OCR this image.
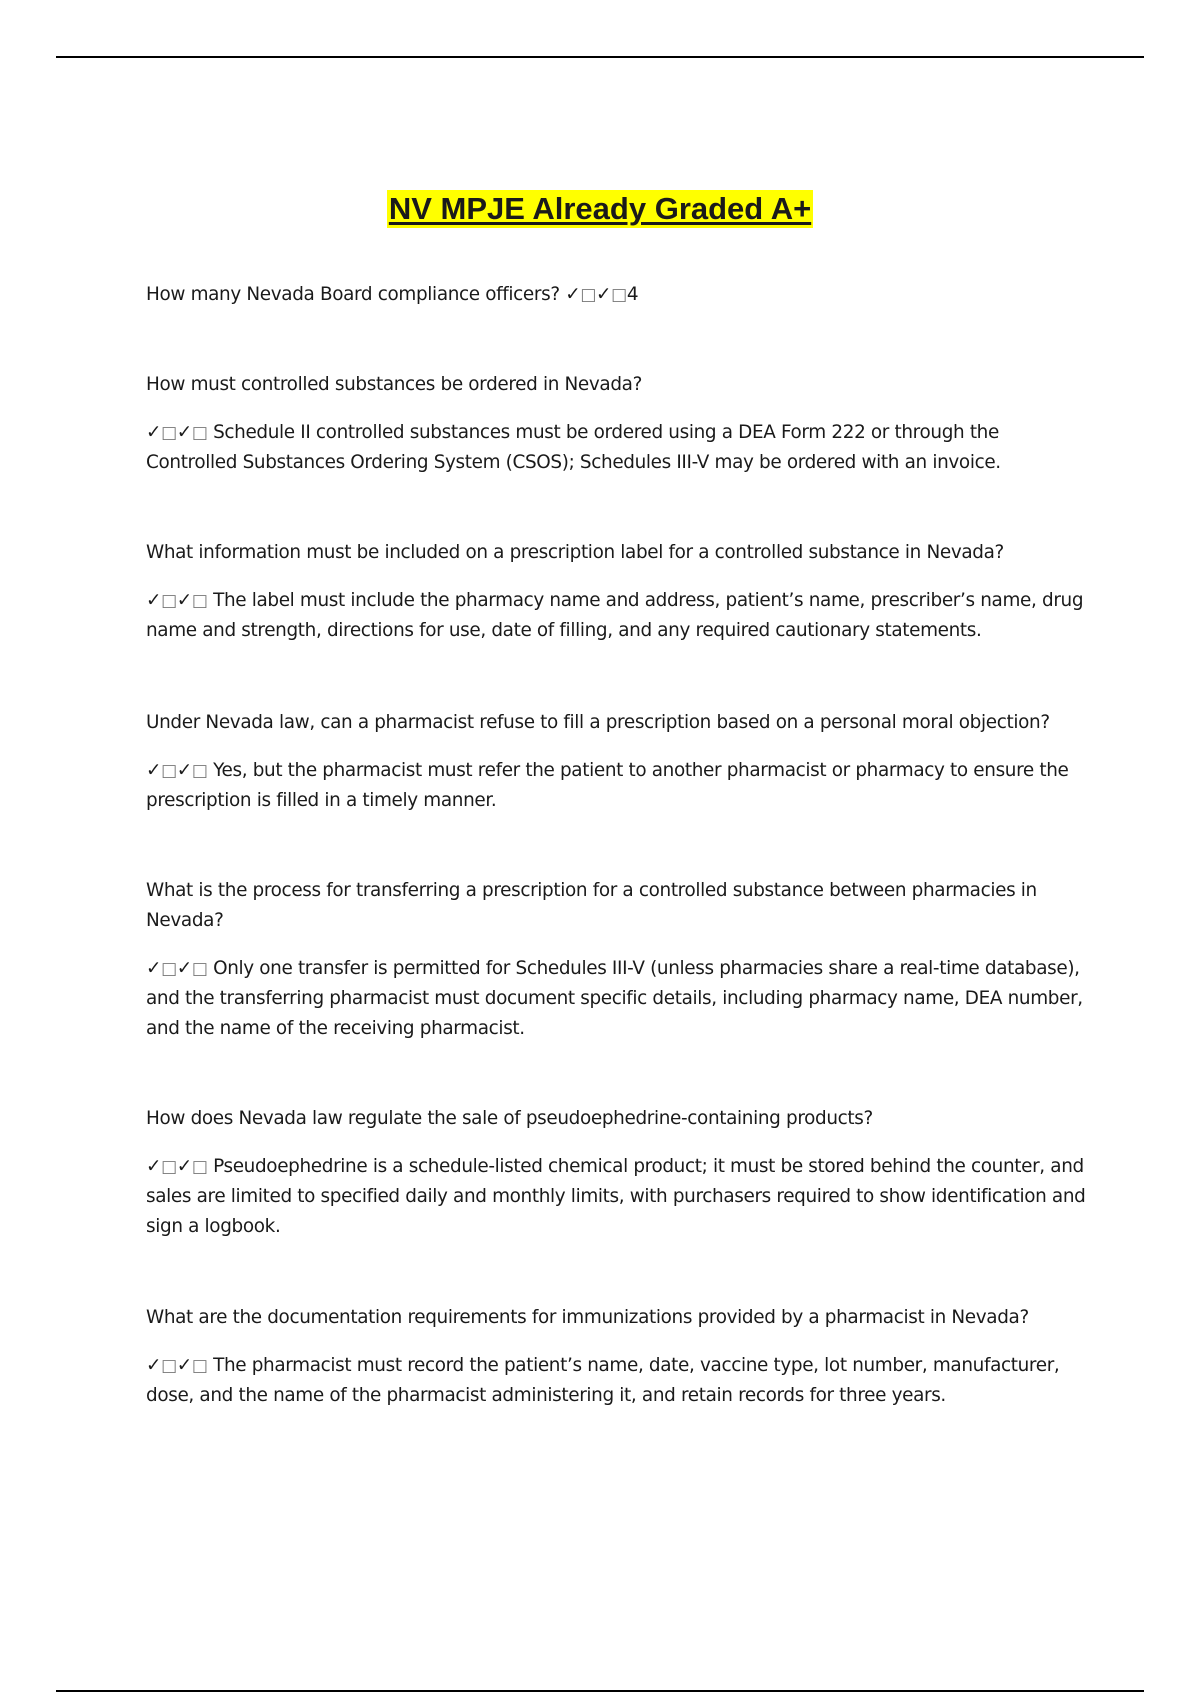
NV MPJE Already Graded A+

How many Nevada Board compliance officers? ✓□✓□4

How must controlled substances be ordered in Nevada?

✓□✓□ Schedule II controlled substances must be ordered using a DEA Form 222 or through the Controlled Substances Ordering System (CSOS); Schedules III-V may be ordered with an invoice.

What information must be included on a prescription label for a controlled substance in Nevada?

✓□✓□ The label must include the pharmacy name and address, patient’s name, prescriber’s name, drug name and strength, directions for use, date of filling, and any required cautionary statements.

Under Nevada law, can a pharmacist refuse to fill a prescription based on a personal moral objection?

✓□✓□ Yes, but the pharmacist must refer the patient to another pharmacist or pharmacy to ensure the prescription is filled in a timely manner.

What is the process for transferring a prescription for a controlled substance between pharmacies in Nevada?

✓□✓□ Only one transfer is permitted for Schedules III-V (unless pharmacies share a real-time database), and the transferring pharmacist must document specific details, including pharmacy name, DEA number, and the name of the receiving pharmacist.

How does Nevada law regulate the sale of pseudoephedrine-containing products?

✓□✓□ Pseudoephedrine is a schedule-listed chemical product; it must be stored behind the counter, and sales are limited to specified daily and monthly limits, with purchasers required to show identification and sign a logbook.

What are the documentation requirements for immunizations provided by a pharmacist in Nevada?

✓□✓□ The pharmacist must record the patient’s name, date, vaccine type, lot number, manufacturer, dose, and the name of the pharmacist administering it, and retain records for three years.
